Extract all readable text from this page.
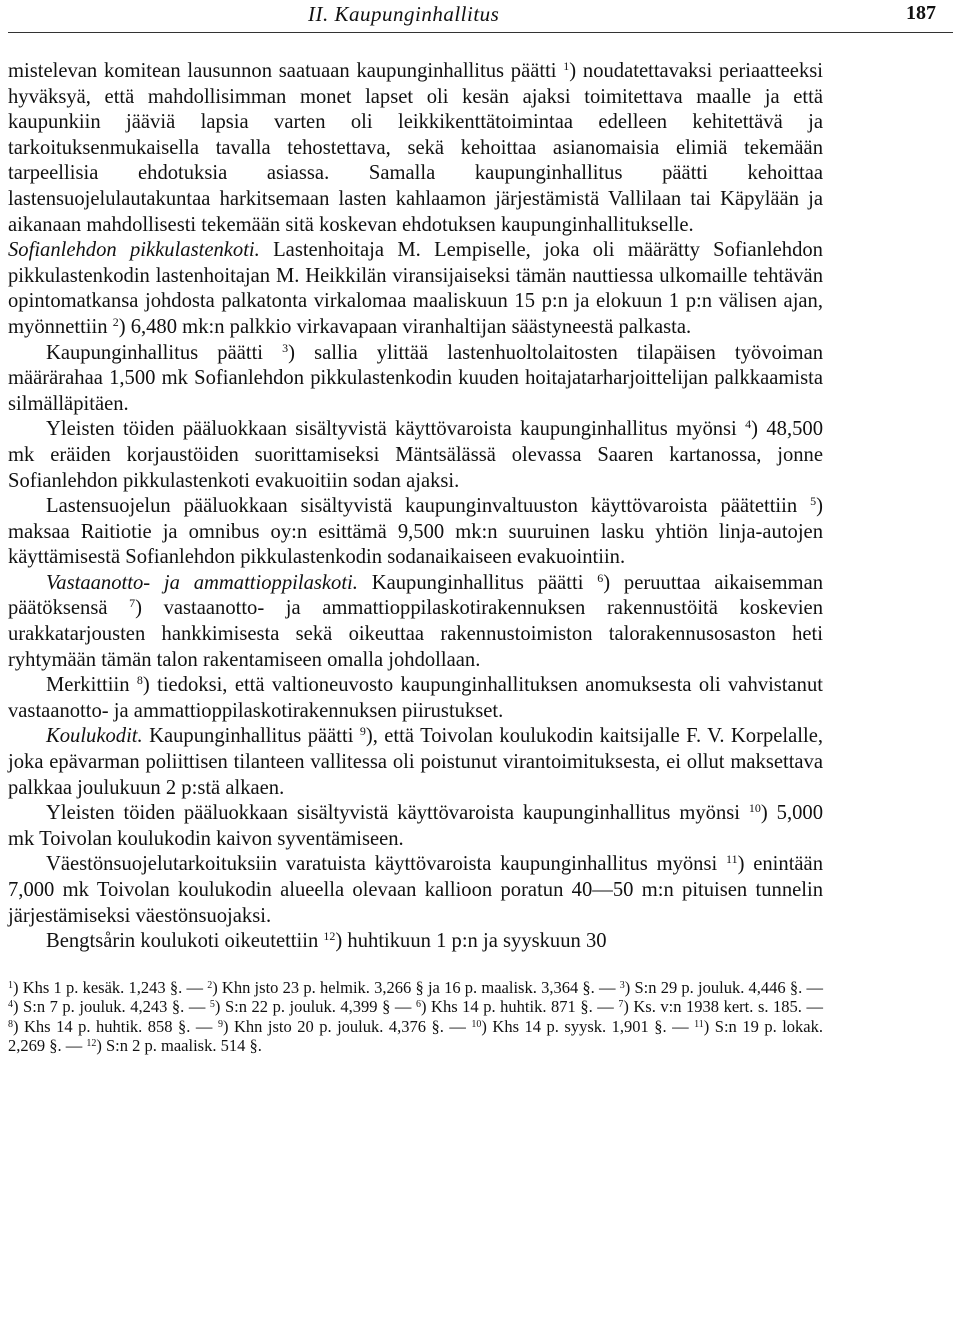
II. Kaupunginhallitus	187

mistelevan komitean lausunnon saatuaan kaupunginhallitus päätti $^1$) noudatettavaksi periaatteeksi hyväksyä, että mahdollisimman monet lapset oli kesän ajaksi toimitettava maalle ja että kaupunkiin jääviä lapsia varten oli leikkikenttätoimintaa edelleen kehitettävä ja tarkoituksenmukaisella tavalla tehostettava, sekä kehoittaa asianomaisia elimiä tekemään tarpeellisia ehdotuksia asiassa. Samalla kaupunginhallitus päätti kehoittaa lastensuojelulautakuntaa harkitsemaan lasten kahlaamon järjestämistä Vallilaan tai Käpylään ja aikanaan mahdollisesti tekemään sitä koskevan ehdotuksen kaupunginhallitukselle.

Sofianlehdon pikkulastenkoti. Lastenhoitaja M. Lempiselle, joka oli määrätty Sofianlehdon pikkulastenkodin lastenhoitajan M. Heikkilän viransijaiseksi tämän nauttiessa ulkomaille tehtävän opintomatkansa johdosta palkatonta virkalomaa maaliskuun 15 p:n ja elokuun 1 p:n välisen ajan, myönnettiin $^2$) 6,480 mk:n palkkio virkavapaan viranhaltijan säästyneestä palkasta.

Kaupunginhallitus päätti $^3$) sallia ylittää lastenhuoltolaitosten tilapäisen työvoiman määrärahaa 1,500 mk Sofianlehdon pikkulastenkodin kuuden hoitajatarharjoittelijan palkkaamista silmälläpitäen.

Yleisten töiden pääluokkaan sisältyvistä käyttövaroista kaupunginhallitus myönsi $^4$) 48,500 mk eräiden korjaustöiden suorittamiseksi Mäntsälässä olevassa Saaren kartanossa, jonne Sofianlehdon pikkulastenkoti evakuoitiin sodan ajaksi.

Lastensuojelun pääluokkaan sisältyvistä kaupunginvaltuuston käyttövaroista päätettiin $^5$) maksaa Raitiotie ja omnibus oy:n esittämä 9,500 mk:n suuruinen lasku yhtiön linja-autojen käyttämisestä Sofianlehdon pikkulastenkodin sodanaikaiseen evakuointiin.

Vastaanotto- ja ammattioppilaskoti. Kaupunginhallitus päätti $^6$) peruuttaa aikaisemman päätöksensä $^7$) vastaanotto- ja ammattioppilaskotirakennuksen rakennustöitä koskevien urakkatarjousten hankkimisesta sekä oikeuttaa rakennustoimiston talorakennusosaston heti ryhtymään tämän talon rakentamiseen omalla johdollaan.

Merkittiin $^8$) tiedoksi, että valtioneuvosto kaupunginhallituksen anomuksesta oli vahvistanut vastaanotto- ja ammattioppilaskotirakennuksen piirustukset.

Koulukodit. Kaupunginhallitus päätti $^9$), että Toivolan koulukodin kaitsijalle F. V. Korpelalle, joka epävarman poliittisen tilanteen vallitessa oli poistunut virantoimituksesta, ei ollut maksettava palkkaa joulukuun 2 p:stä alkaen.

Yleisten töiden pääluokkaan sisältyvistä käyttövaroista kaupunginhallitus myönsi $^{10}$) 5,000 mk Toivolan koulukodin kaivon syventämiseen.

Väestönsuojelutarkoituksiin varatuista käyttövaroista kaupunginhallitus myönsi $^{11}$) enintään 7,000 mk Toivolan koulukodin alueella olevaan kallioon poratun 40—50 m:n pituisen tunnelin järjestämiseksi väestönsuojaksi.

Bengtsårin koulukoti oikeutettiin $^{12}$) huhtikuun 1 p:n ja syyskuun 30

$^1$) Khs 1 p. kesäk. 1,243 §. — $^2$) Khn jsto 23 p. helmik. 3,266 § ja 16 p. maalisk. 3,364 §. — $^3$) S:n 29 p. jouluk. 4,446 §. — $^4$) S:n 7 p. jouluk. 4,243 §. — $^5$) S:n 22 p. jouluk. 4,399 § — $^6$) Khs 14 p. huhtik. 871 §. — $^7$) Ks. v:n 1938 kert. s. 185. — $^8$) Khs 14 p. huhtik. 858 §. — $^9$) Khn jsto 20 p. jouluk. 4,376 §. — $^{10}$) Khs 14 p. syysk. 1,901 §. — $^{11}$) S:n 19 p. lokak. 2,269 §. — $^{12}$) S:n 2 p. maalisk. 514 §.
